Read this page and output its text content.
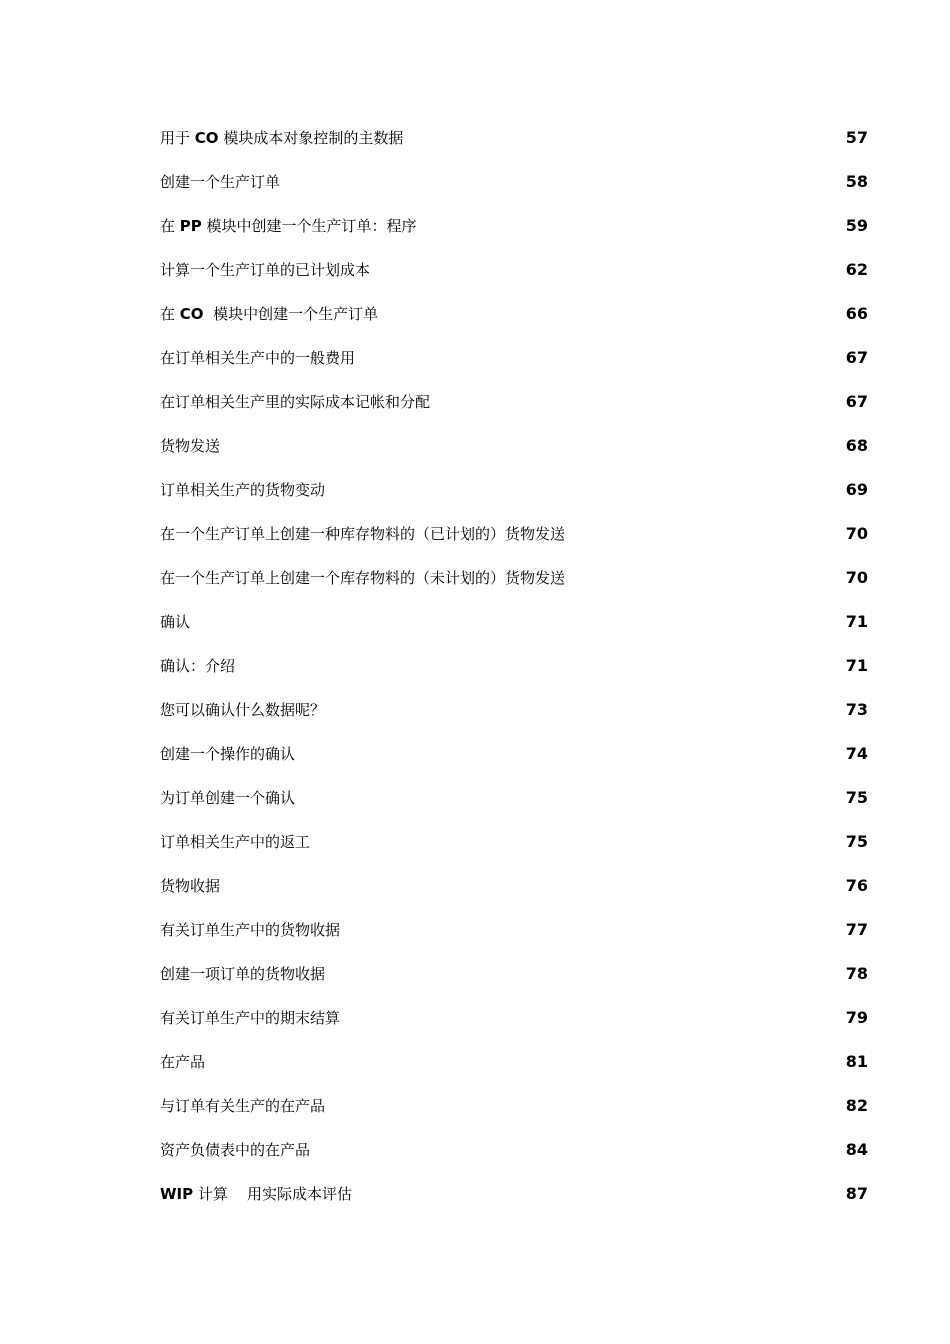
用于 CO 模块成本对象控制的主数据	57
创建一个生产订单	58
在 PP 模块中创建一个生产订单：程序	59
计算一个生产订单的已计划成本	62
在 CO  模块中创建一个生产订单	66
在订单相关生产中的一般费用	67
在订单相关生产里的实际成本记帐和分配	67
货物发送	68
订单相关生产的货物变动	69
在一个生产订单上创建一种库存物料的（已计划的）货物发送	70
在一个生产订单上创建一个库存物料的（未计划的）货物发送	70
确认	71
确认：介绍	71
您可以确认什么数据呢？	73
创建一个操作的确认	74
为订单创建一个确认	75
订单相关生产中的返工	75
货物收据	76
有关订单生产中的货物收据	77
创建一项订单的货物收据	78
有关订单生产中的期末结算	79
在产品	81
与订单有关生产的在产品	82
资产负债表中的在产品	84
WIP 计算    用实际成本评估	87
